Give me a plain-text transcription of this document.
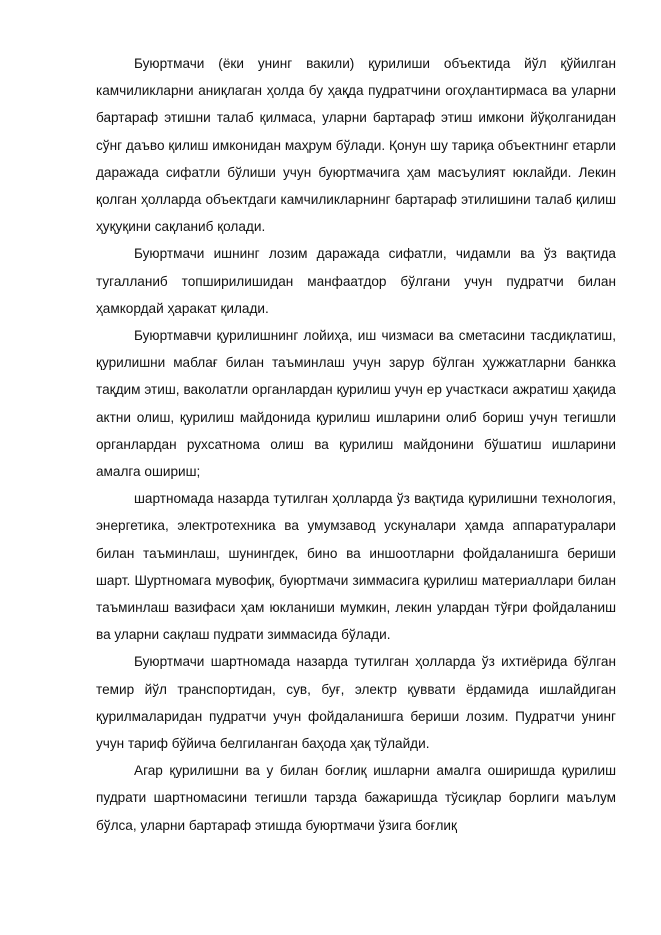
Буюртмачи (ёки унинг вакили) қурилиши объектида йўл қўйилган камчиликларни аниқлаган ҳолда бу ҳақда пудратчини огоҳлантирмаса ва уларни бартараф этишни талаб қилмаса, уларни бартараф этиш имкони йўқолганидан сўнг даъво қилиш имконидан маҳрум бўлади. Қонун шу тариқа объектнинг етарли даражада сифатли бўлиши учун буюртмачига ҳам масъулият юклайди. Лекин қолган ҳолларда объектдаги камчиликларнинг бартараф этилишини талаб қилиш ҳуқуқини сақланиб қолади.

Буюртмачи ишнинг лозим даражада сифатли, чидамли ва ўз вақтида тугалланиб топширилишидан манфаатдор бўлгани учун пудратчи билан ҳамкордай ҳаракат қилади.

Буюртмавчи қурилишнинг лойиҳа, иш чизмаси ва сметасини тасдиқлатиш, қурилишни маблағ билан таъминлаш учун зарур бўлган ҳужжатларни банкка тақдим этиш, ваколатли органлардан қурилиш учун ер участкаси ажратиш ҳақида актни олиш, қурилиш майдонида қурилиш ишларини олиб бориш учун тегишли органлардан рухсатнома олиш ва қурилиш майдонини бўшатиш ишларини амалга ошириш;

шартномада назарда тутилган ҳолларда ўз вақтида қурилишни технология, энергетика, электротехника ва умумзавод ускуналари ҳамда аппаратуралари билан таъминлаш, шунингдек, бино ва иншоотларни фойдаланишга бериши шарт. Шуртномага мувофиқ, буюртмачи зиммасига қурилиш материаллари билан таъминлаш вазифаси ҳам юкланиши мумкин, лекин улардан тўғри фойдаланиш ва уларни сақлаш пудрати зиммасида бўлади.

Буюртмачи шартномада назарда тутилган ҳолларда ўз ихтиёрида бўлган темир йўл транспортидан, сув, буғ, электр қуввати ёрдамида ишлайдиган қурилмаларидан пудратчи учун фойдаланишга бериши лозим. Пудратчи унинг учун тариф бўйича белгиланган баҳода ҳақ тўлайди.

Агар қурилишни ва у билан боғлиқ ишларни амалга оширишда қурилиш пудрати шартномасини тегишли тарзда бажаришда тўсиқлар борлиги маълум бўлса, уларни бартараф этишда буюртмачи ўзига боғлиқ
